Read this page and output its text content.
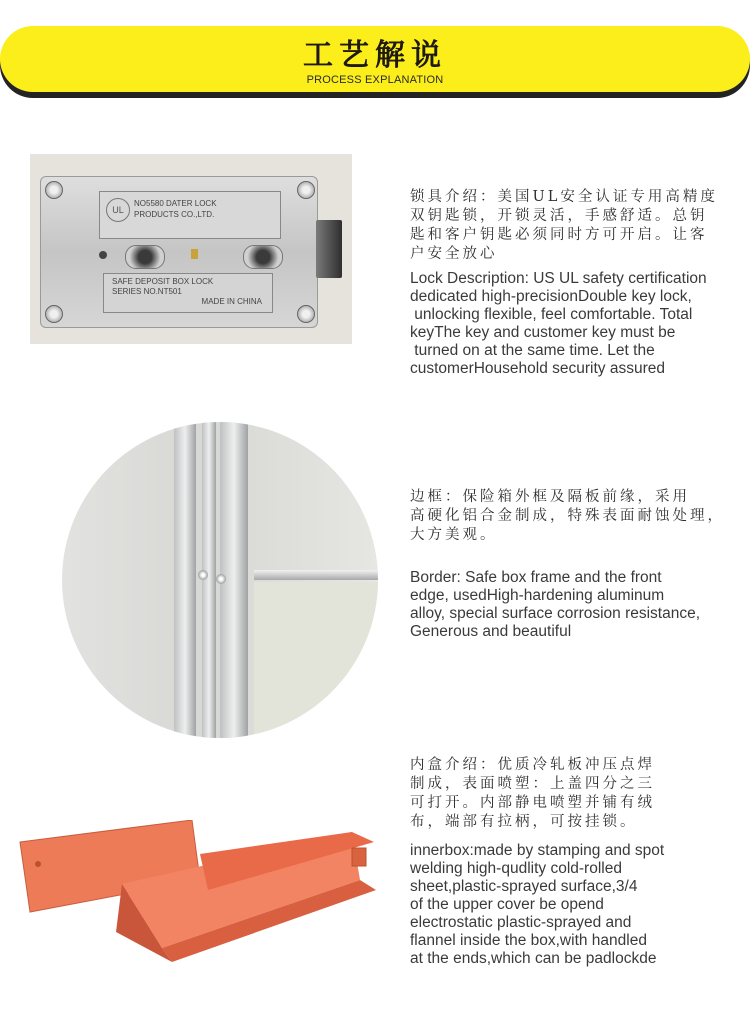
工艺解说
PROCESS EXPLANATION
UL
NO5580 DATER LOCK
PRODUCTS CO.,LTD.
SAFE DEPOSIT BOX LOCK
SERIES NO.NT501
MADE IN CHINA
锁具介绍：美国UL安全认证专用高精度
双钥匙锁，开锁灵活，手感舒适。总钥
匙和客户钥匙必须同时方可开启。让客
户安全放心
Lock Description: US UL safety certification
dedicated high-precisionDouble key lock,
unlocking flexible, feel comfortable. Total
keyThe key and customer key must be
turned on at the same time. Let the
customerHousehold security assured
边框：保险箱外框及隔板前缘，采用
高硬化铝合金制成，特殊表面耐蚀处理，
大方美观。
Border: Safe box frame and the front
edge, usedHigh-hardening aluminum
alloy, special surface corrosion resistance,
Generous and beautiful
内盒介绍：优质冷轧板冲压点焊
制成，表面喷塑：上盖四分之三
可打开。内部静电喷塑并铺有绒
布，端部有拉柄，可按挂锁。
innerbox:made by stamping and spot
welding high-qudlity cold-rolled
sheet,plastic-sprayed surface,3/4
of the upper cover be opend
electrostatic plastic-sprayed and
flannel inside the box,with handled
at the ends,which can be padlockde
